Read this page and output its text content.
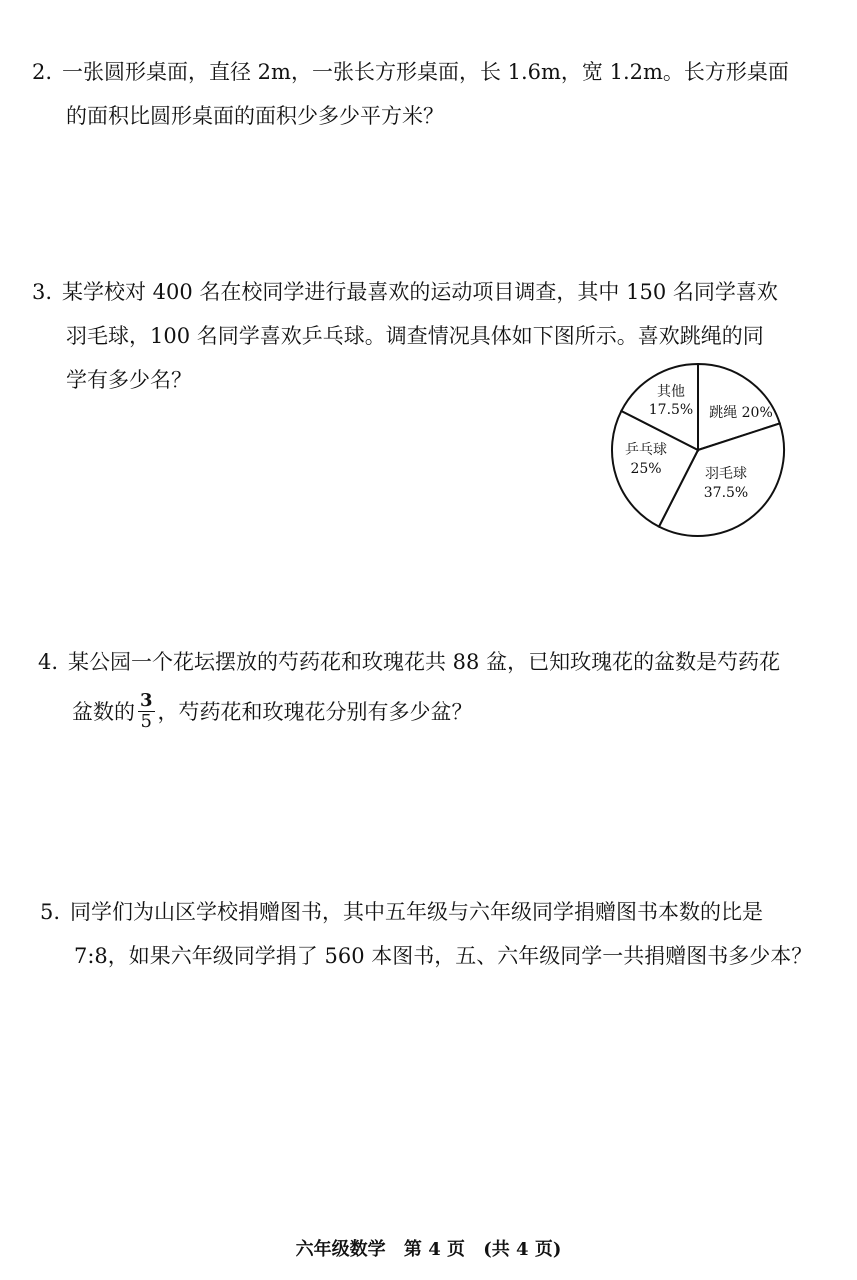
2. 一张圆形桌面，直径 2m，一张长方形桌面，长 1.6m，宽 1.2m。长方形桌面
的面积比圆形桌面的面积少多少平方米？
3. 某学校对 400 名在校同学进行最喜欢的运动项目调查，其中 150 名同学喜欢
羽毛球，100 名同学喜欢乒乓球。调查情况具体如下图所示。喜欢跳绳的同
学有多少名？	其他
17.5% 跳绳 20%
乒乓球
25%	羽毛球
37.5%
4. 某公园一个花坛摆放的芍药花和玫瑰花共 88 盆，已知玫瑰花的盆数是芍药花
盆数的 $\frac{3}{5}$ ，芍药花和玫瑰花分别有多少盆？
5. 同学们为山区学校捐赠图书，其中五年级与六年级同学捐赠图书本数的比是
7:8，如果六年级同学捐了 560 本图书，五、六年级同学一共捐赠图书多少本？
六年级数学 第 4 页 (共 4 页)
